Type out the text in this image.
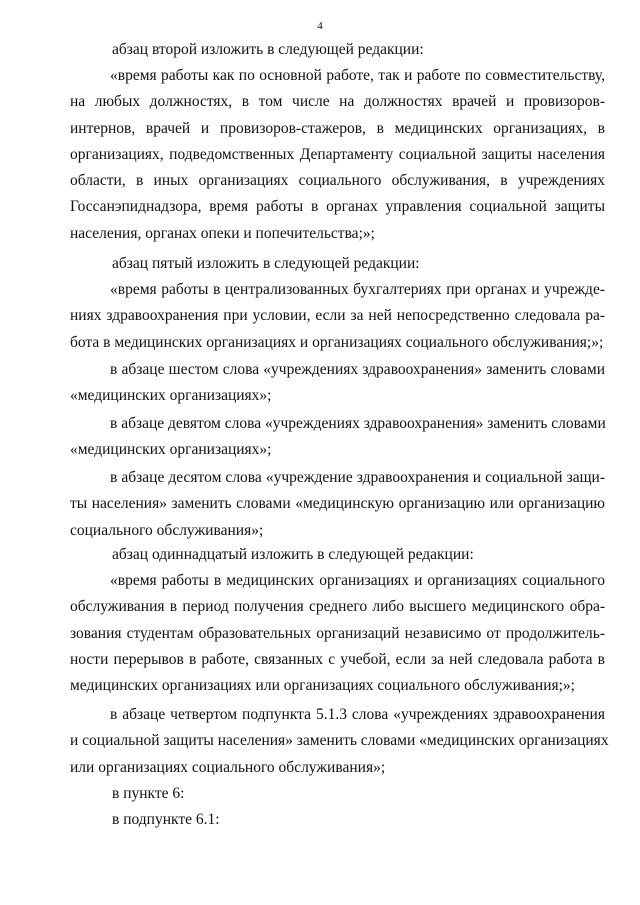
4
абзац второй изложить в следующей редакции:
«время работы как по основной работе, так и работе по совместительству,
на любых должностях, в том числе на должностях врачей и провизоров-
интернов, врачей и провизоров-стажеров, в медицинских организациях, в
организациях, подведомственных Департаменту социальной защиты населения
области, в иных организациях социального обслуживания, в учреждениях
Госсанэпиднадзора, время работы в органах управления социальной защиты
населения, органах опеки и попечительства;»;
абзац пятый изложить в следующей редакции:
«время работы в централизованных бухгалтериях при органах и учрежде-
ниях здравоохранения при условии, если за ней непосредственно следовала ра-
бота в медицинских организациях и организациях социального обслуживания;»;
в абзаце шестом слова «учреждениях здравоохранения» заменить словами
«медицинских организациях»;
в абзаце девятом слова «учреждениях здравоохранения» заменить словами
«медицинских организациях»;
в абзаце десятом слова «учреждение здравоохранения и социальной защи-
ты населения» заменить словами «медицинскую организацию или организацию
социального обслуживания»;
абзац одиннадцатый изложить в следующей редакции:
«время работы в медицинских организациях и организациях социального
обслуживания в период получения среднего либо высшего медицинского обра-
зования студентам образовательных организаций независимо от продолжитель-
ности перерывов в работе, связанных с учебой, если за ней следовала работа в
медицинских организациях или организациях социального обслуживания;»;
в абзаце четвертом подпункта 5.1.3 слова «учреждениях здравоохранения
и социальной защиты населения» заменить словами «медицинских организациях
или организациях социального обслуживания»;
в пункте 6:
в подпункте 6.1:
